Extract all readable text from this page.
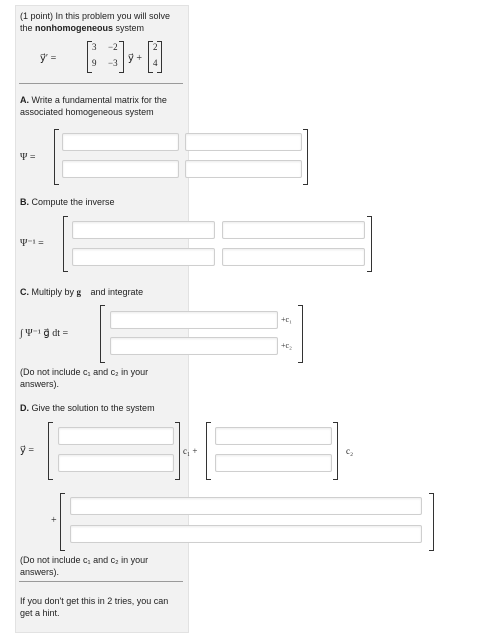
(1 point) In this problem you will solve
the nonhomogeneous system
y⃗′ =
3 −2
9 −3 y⃗ +
2
4
A. Write a fundamental matrix for the
associated homogeneous system
Ψ =
B. Compute the inverse
Ψ⁻¹ =
C. Multiply by g⃗ and integrate
∫ Ψ⁻¹ g⃗ dt =
+c₁
+c₂
(Do not include c₁ and c₂ in your
answers).
D. Give the solution to the system
y⃗ =	c₁ +	c₂
+
(Do not include c₁ and c₂ in your
answers).
If you don't get this in 2 tries, you can
get a hint.
